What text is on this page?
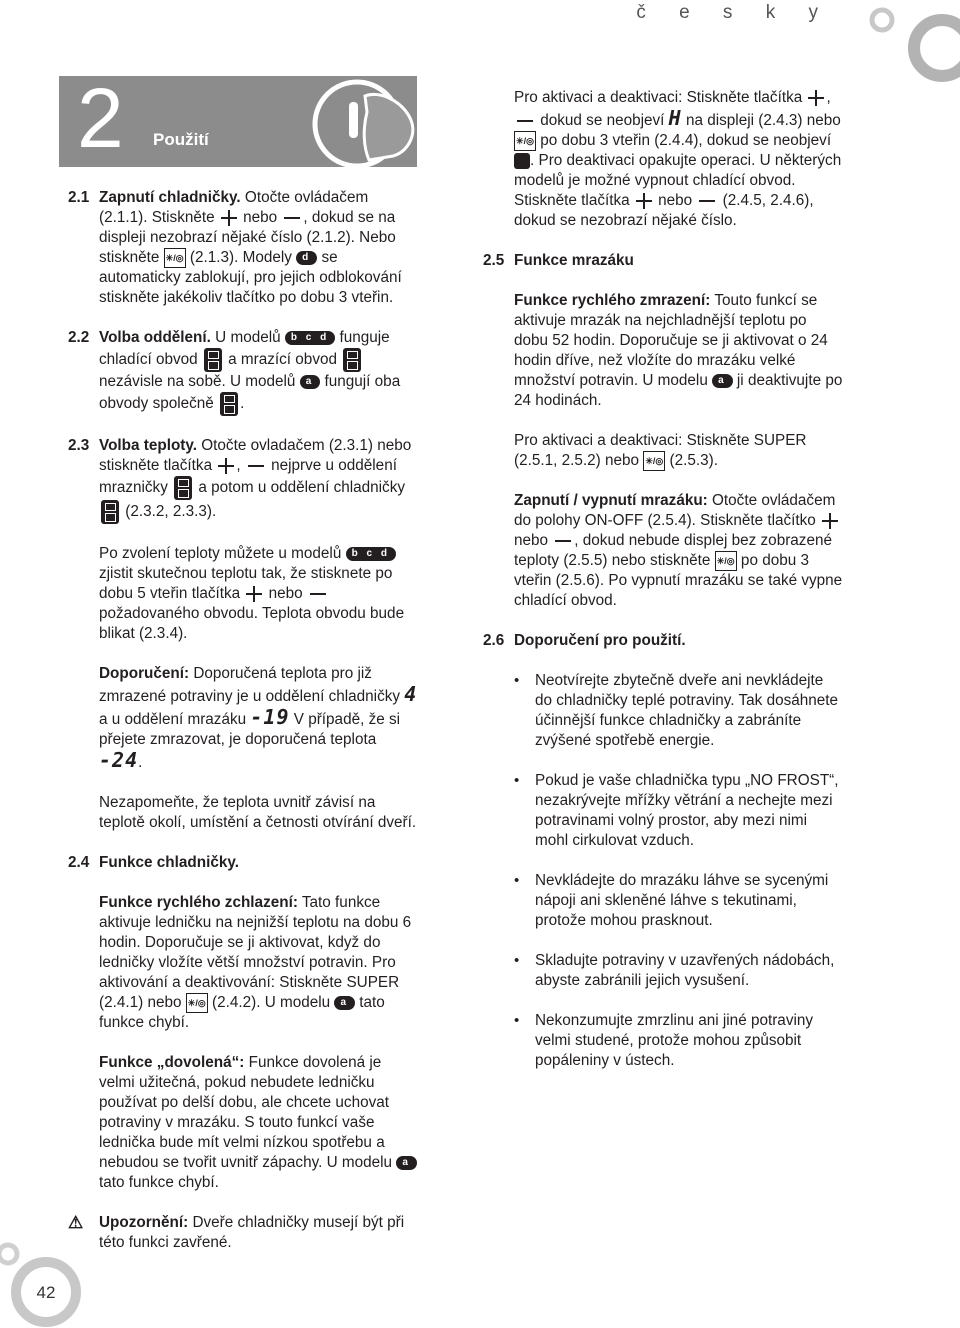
č e s k y
42
2 Použití

2.1 Zapnutí chladničky. Otočte ovládačem (2.1.1). Stiskněte  nebo , dokud se na displeji nezobrazí nějaké číslo (2.1.2). Nebo stiskněte ✳/◎ (2.1.3). Modely d se automaticky zablokují, pro jejich odblokování stiskněte jakékoliv tlačítko po dobu 3 vteřin.

2.2 Volba oddělení. U modelů b c d funguje chladící obvod  a mrazící obvod  nezávisle na sobě. U modelů a fungují oba obvody společně .

2.3 Volba teploty. Otočte ovladačem (2.3.1) nebo stiskněte tlačítka ,  nejprve u oddělení mrazničky  a potom u oddělení chladničky  (2.3.2, 2.3.3).

Po zvolení teploty můžete u modelů b c d zjistit skutečnou teplotu tak, že stisknete po dobu 5 vteřin tlačítka  nebo  požadovaného obvodu. Teplota obvodu bude blikat (2.3.4).

Doporučení: Doporučená teplota pro již zmrazené potraviny je u oddělení chladničky 4 a u oddělení mrazáku -19 V případě, že si přejete zmrazovat, je doporučená teplota -24.

Nezapomeňte, že teplota uvnitř závisí na teplotě okolí, umístění a četnosti otvírání dveří.

2.4 Funkce chladničky.

Funkce rychlého zchlazení: Tato funkce aktivuje ledničku na nejnižší teplotu na dobu 6 hodin. Doporučuje se ji aktivovat, když do ledničky vložíte větší množství potravin. Pro aktivování a deaktivování: Stiskněte SUPER (2.4.1) nebo ✳/◎ (2.4.2). U modelu a tato funkce chybí.

Funkce „dovolená“: Funkce dovolená je velmi užitečná, pokud nebudete ledničku používat po delší dobu, ale chcete uchovat potraviny v mrazáku. S touto funkcí vaše lednička bude mít velmi nízkou spotřebu a nebudou se tvořit uvnitř zápachy. U modelu a tato funkce chybí.

⚠ Upozornění: Dveře chladničky musejí být při této funkci zavřené.

Pro aktivaci a deaktivaci: Stiskněte tlačítka ,  dokud se neobjeví H na displeji (2.4.3) nebo ✳/◎ po dobu 3 vteřin (2.4.4), dokud se neobjeví . Pro deaktivaci opakujte operaci. U některých modelů je možné vypnout chladící obvod. Stiskněte tlačítka  nebo  (2.4.5, 2.4.6), dokud se nezobrazí nějaké číslo.

2.5 Funkce mrazáku

Funkce rychlého zmrazení: Touto funkcí se aktivuje mrazák na nejchladnější teplotu po dobu 52 hodin. Doporučuje se ji aktivovat o 24 hodin dříve, než vložíte do mrazáku velké množství potravin. U modelu a ji deaktivujte po 24 hodinách.

Pro aktivaci a deaktivaci: Stiskněte SUPER (2.5.1, 2.5.2) nebo ✳/◎ (2.5.3).

Zapnutí / vypnutí mrazáku: Otočte ovládačem do polohy ON-OFF (2.5.4). Stiskněte tlačítko  nebo , dokud nebude displej bez zobrazené teploty (2.5.5) nebo stiskněte ✳/◎ po dobu 3 vteřin (2.5.6). Po vypnutí mrazáku se také vypne chladící obvod.

2.6 Doporučení pro použití.

• Neotvírejte zbytečně dveře ani nevkládejte do chladničky teplé potraviny. Tak dosáhnete účinnější funkce chladničky a zabráníte zvýšené spotřebě energie.

• Pokud je vaše chladnička typu „NO FROST“, nezakrývejte mřížky větrání a nechejte mezi potravinami volný prostor, aby mezi nimi mohl cirkulovat vzduch.

• Nevkládejte do mrazáku láhve se sycenými nápoji ani skleněné láhve s tekutinami, protože mohou prasknout.

• Skladujte potraviny v uzavřených nádobách, abyste zabránili jejich vysušení.

• Nekonzumujte zmrzlinu ani jiné potraviny velmi studené, protože mohou způsobit popáleniny v ústech.
